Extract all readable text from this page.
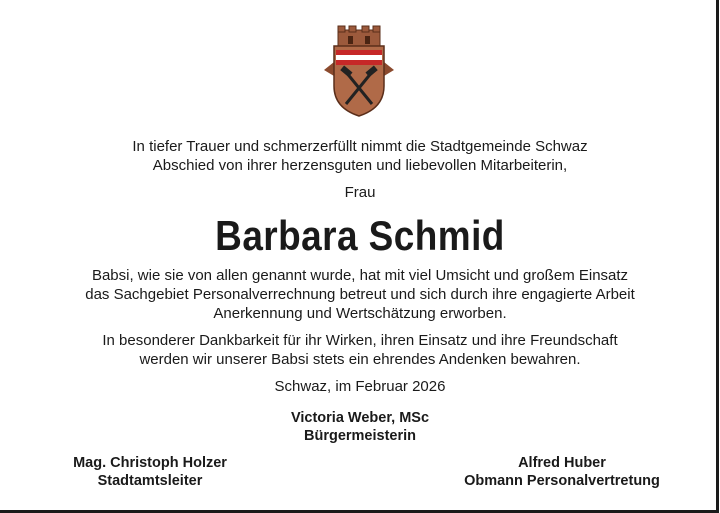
In tiefer Trauer und schmerzerfüllt nimmt die Stadtgemeinde Schwaz
Abschied von ihrer herzensguten und liebevollen Mitarbeiterin,
Frau
Barbara Schmid
Babsi, wie sie von allen genannt wurde, hat mit viel Umsicht und großem Einsatz
das Sachgebiet Personalverrechnung betreut und sich durch ihre engagierte Arbeit
Anerkennung und Wertschätzung erworben.
In besonderer Dankbarkeit für ihr Wirken, ihren Einsatz und ihre Freundschaft
werden wir unserer Babsi stets ein ehrendes Andenken bewahren.
Schwaz, im Februar 2026
Victoria Weber, MSc
Bürgermeisterin
Mag. Christoph Holzer
Stadtamtsleiter
Alfred Huber
Obmann Personalvertretung
